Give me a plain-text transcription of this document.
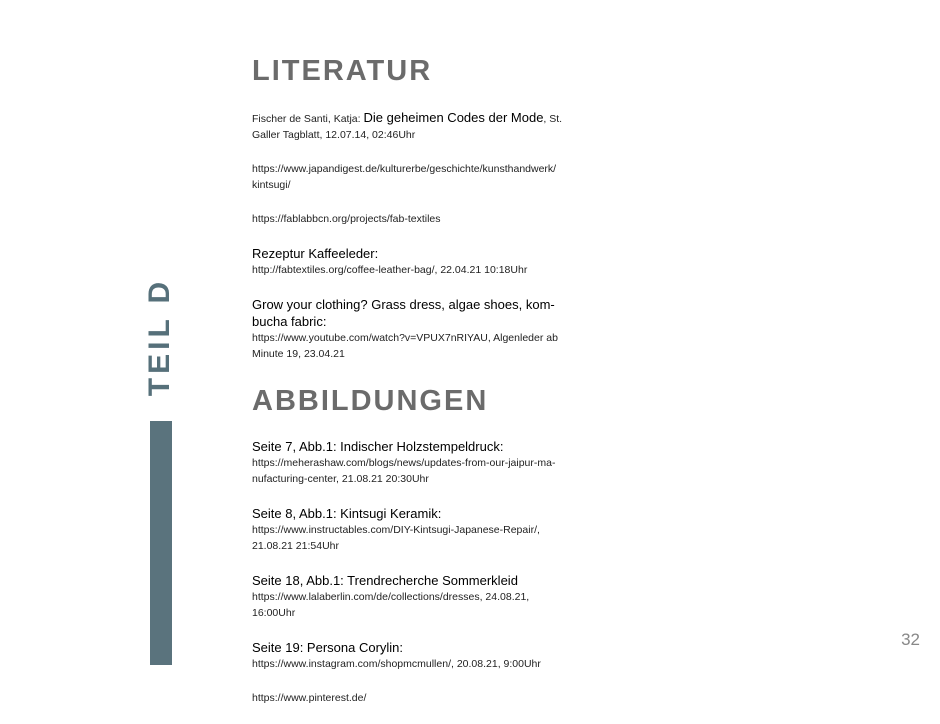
TEIL D
LITERATUR
Fischer de Santi, Katja: Die geheimen Codes der Mode, St.
Galler Tagblatt, 12.07.14, 02:46Uhr
https://www.japandigest.de/kulturerbe/geschichte/kunsthandwerk/
kintsugi/
https://fablabbcn.org/projects/fab-textiles
Rezeptur Kaffeeleder:
http://fabtextiles.org/coffee-leather-bag/, 22.04.21 10:18Uhr
Grow your clothing? Grass dress, algae shoes, kom-
bucha fabric:
https://www.youtube.com/watch?v=VPUX7nRIYAU, Algenleder ab
Minute 19, 23.04.21
ABBILDUNGEN
Seite 7, Abb.1: Indischer Holzstempeldruck:
https://meherashaw.com/blogs/news/updates-from-our-jaipur-ma-
nufacturing-center, 21.08.21 20:30Uhr
Seite 8, Abb.1: Kintsugi Keramik:
https://www.instructables.com/DIY-Kintsugi-Japanese-Repair/,
21.08.21 21:54Uhr
Seite 18, Abb.1: Trendrecherche Sommerkleid
https://www.lalaberlin.com/de/collections/dresses, 24.08.21,
16:00Uhr
Seite 19: Persona Corylin:
https://www.instagram.com/shopmcmullen/, 20.08.21, 9:00Uhr
https://www.pinterest.de/
32
